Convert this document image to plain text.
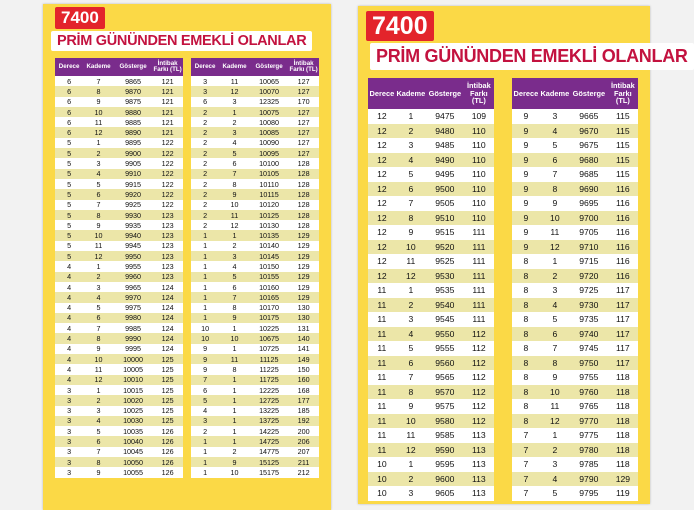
7400
PRİM GÜNÜNDEN EMEKLİ OLANLAR
Derece	Kademe	Gösterge	İntibak Farkı (TL)
6	7	9865	121
6	8	9870	121
6	9	9875	121
6	10	9880	121
6	11	9885	121
6	12	9890	121
5	1	9895	122
5	2	9900	122
5	3	9905	122
5	4	9910	122
5	5	9915	122
5	6	9920	122
5	7	9925	122
5	8	9930	123
5	9	9935	123
5	10	9940	123
5	11	9945	123
5	12	9950	123
4	1	9955	123
4	2	9960	123
4	3	9965	124
4	4	9970	124
4	5	9975	124
4	6	9980	124
4	7	9985	124
4	8	9990	124
4	9	9995	124
4	10	10000	125
4	11	10005	125
4	12	10010	125
3	1	10015	125
3	2	10020	125
3	3	10025	125
3	4	10030	125
3	5	10035	126
3	6	10040	126
3	7	10045	126
3	8	10050	126
3	9	10055	126
Derece	Kademe	Gösterge	İntibak Farkı (TL)
3	11	10065	127
3	12	10070	127
6	3	12325	170
2	1	10075	127
2	2	10080	127
2	3	10085	127
2	4	10090	127
2	5	10095	127
2	6	10100	128
2	7	10105	128
2	8	10110	128
2	9	10115	128
2	10	10120	128
2	11	10125	128
2	12	10130	128
1	1	10135	129
1	2	10140	129
1	3	10145	129
1	4	10150	129
1	5	10155	129
1	6	10160	129
1	7	10165	129
1	8	10170	130
1	9	10175	130
10	1	10225	131
10	10	10675	140
9	1	10725	141
9	11	11125	149
9	8	11225	150
7	1	11725	160
6	1	12225	168
5	1	12725	177
4	1	13225	185
3	1	13725	192
2	1	14225	200
1	1	14725	206
1	2	14775	207
1	9	15125	211
1	10	15175	212
7400
PRİM GÜNÜNDEN EMEKLİ OLANLAR
Derece	Kademe	Gösterge	İntibak Farkı (TL)
12	1	9475	109
12	2	9480	110
12	3	9485	110
12	4	9490	110
12	5	9495	110
12	6	9500	110
12	7	9505	110
12	8	9510	110
12	9	9515	111
12	10	9520	111
12	11	9525	111
12	12	9530	111
11	1	9535	111
11	2	9540	111
11	3	9545	111
11	4	9550	112
11	5	9555	112
11	6	9560	112
11	7	9565	112
11	8	9570	112
11	9	9575	112
11	10	9580	112
11	11	9585	113
11	12	9590	113
10	1	9595	113
10	2	9600	113
10	3	9605	113
Derece	Kademe	Gösterge	İntibak Farkı (TL)
9	3	9665	115
9	4	9670	115
9	5	9675	115
9	6	9680	115
9	7	9685	115
9	8	9690	116
9	9	9695	116
9	10	9700	116
9	11	9705	116
9	12	9710	116
8	1	9715	116
8	2	9720	116
8	3	9725	117
8	4	9730	117
8	5	9735	117
8	6	9740	117
8	7	9745	117
8	8	9750	117
8	9	9755	118
8	10	9760	118
8	11	9765	118
8	12	9770	118
7	1	9775	118
7	2	9780	118
7	3	9785	118
7	4	9790	129
7	5	9795	119
